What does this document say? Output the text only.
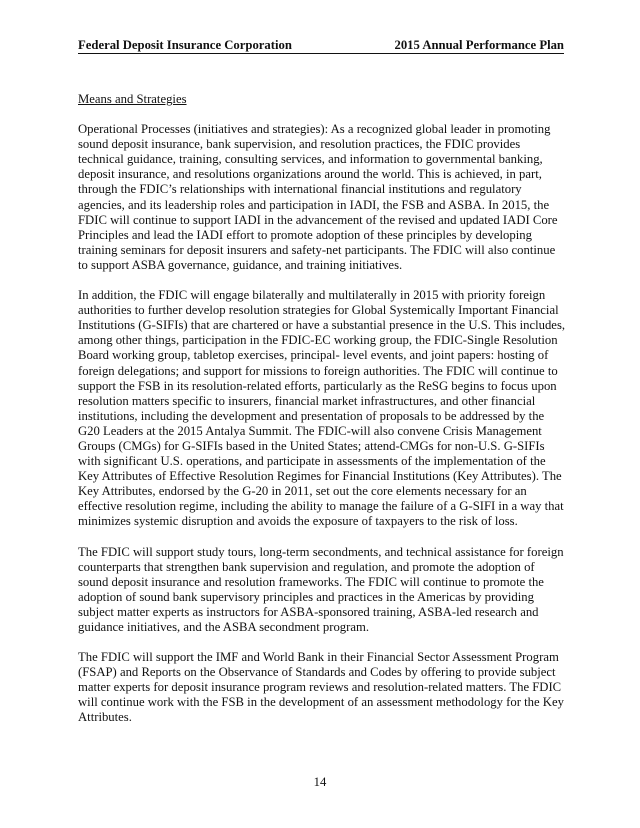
Federal Deposit Insurance Corporation	2015 Annual Performance Plan
Means and Strategies

Operational Processes (initiatives and strategies): As a recognized global leader in promoting sound deposit insurance, bank supervision, and resolution practices, the FDIC provides technical guidance, training, consulting services, and information to governmental banking, deposit insurance, and resolutions organizations around the world. This is achieved, in part, through the FDIC’s relationships with international financial institutions and regulatory agencies, and its leadership roles and participation in IADI, the FSB and ASBA. In 2015, the FDIC will continue to support IADI in the advancement of the revised and updated IADI Core Principles and lead the IADI effort to promote adoption of these principles by developing training seminars for deposit insurers and safety-net participants. The FDIC will also continue to support ASBA governance, guidance, and training initiatives.

In addition, the FDIC will engage bilaterally and multilaterally in 2015 with priority foreign authorities to further develop resolution strategies for Global Systemically Important Financial Institutions (G-SIFIs) that are chartered or have a substantial presence in the U.S. This includes, among other things, participation in the FDIC-EC working group, the FDIC-Single Resolution Board working group, tabletop exercises, principal- level events, and joint papers: hosting of foreign delegations; and support for missions to foreign authorities. The FDIC will continue to support the FSB in its resolution-related efforts, particularly as the ReSG begins to focus upon resolution matters specific to insurers, financial market infrastructures, and other financial institutions, including the development and presentation of proposals to be addressed by the G20 Leaders at the 2015 Antalya Summit. The FDIC-will also convene Crisis Management Groups (CMGs) for G-SIFIs based in the United States; attend-CMGs for non-U.S. G-SIFIs with significant U.S. operations, and participate in assessments of the implementation of the Key Attributes of Effective Resolution Regimes for Financial Institutions (Key Attributes). The Key Attributes, endorsed by the G-20 in 2011, set out the core elements necessary for an effective resolution regime, including the ability to manage the failure of a G-SIFI in a way that minimizes systemic disruption and avoids the exposure of taxpayers to the risk of loss.

The FDIC will support study tours, long-term secondments, and technical assistance for foreign counterparts that strengthen bank supervision and regulation, and promote the adoption of sound deposit insurance and resolution frameworks. The FDIC will continue to promote the adoption of sound bank supervisory principles and practices in the Americas by providing subject matter experts as instructors for ASBA-sponsored training, ASBA-led research and guidance initiatives, and the ASBA secondment program.

The FDIC will support the IMF and World Bank in their Financial Sector Assessment Program (FSAP) and Reports on the Observance of Standards and Codes by offering to provide subject matter experts for deposit insurance program reviews and resolution-related matters. The FDIC will continue work with the FSB in the development of an assessment methodology for the Key Attributes.

14
